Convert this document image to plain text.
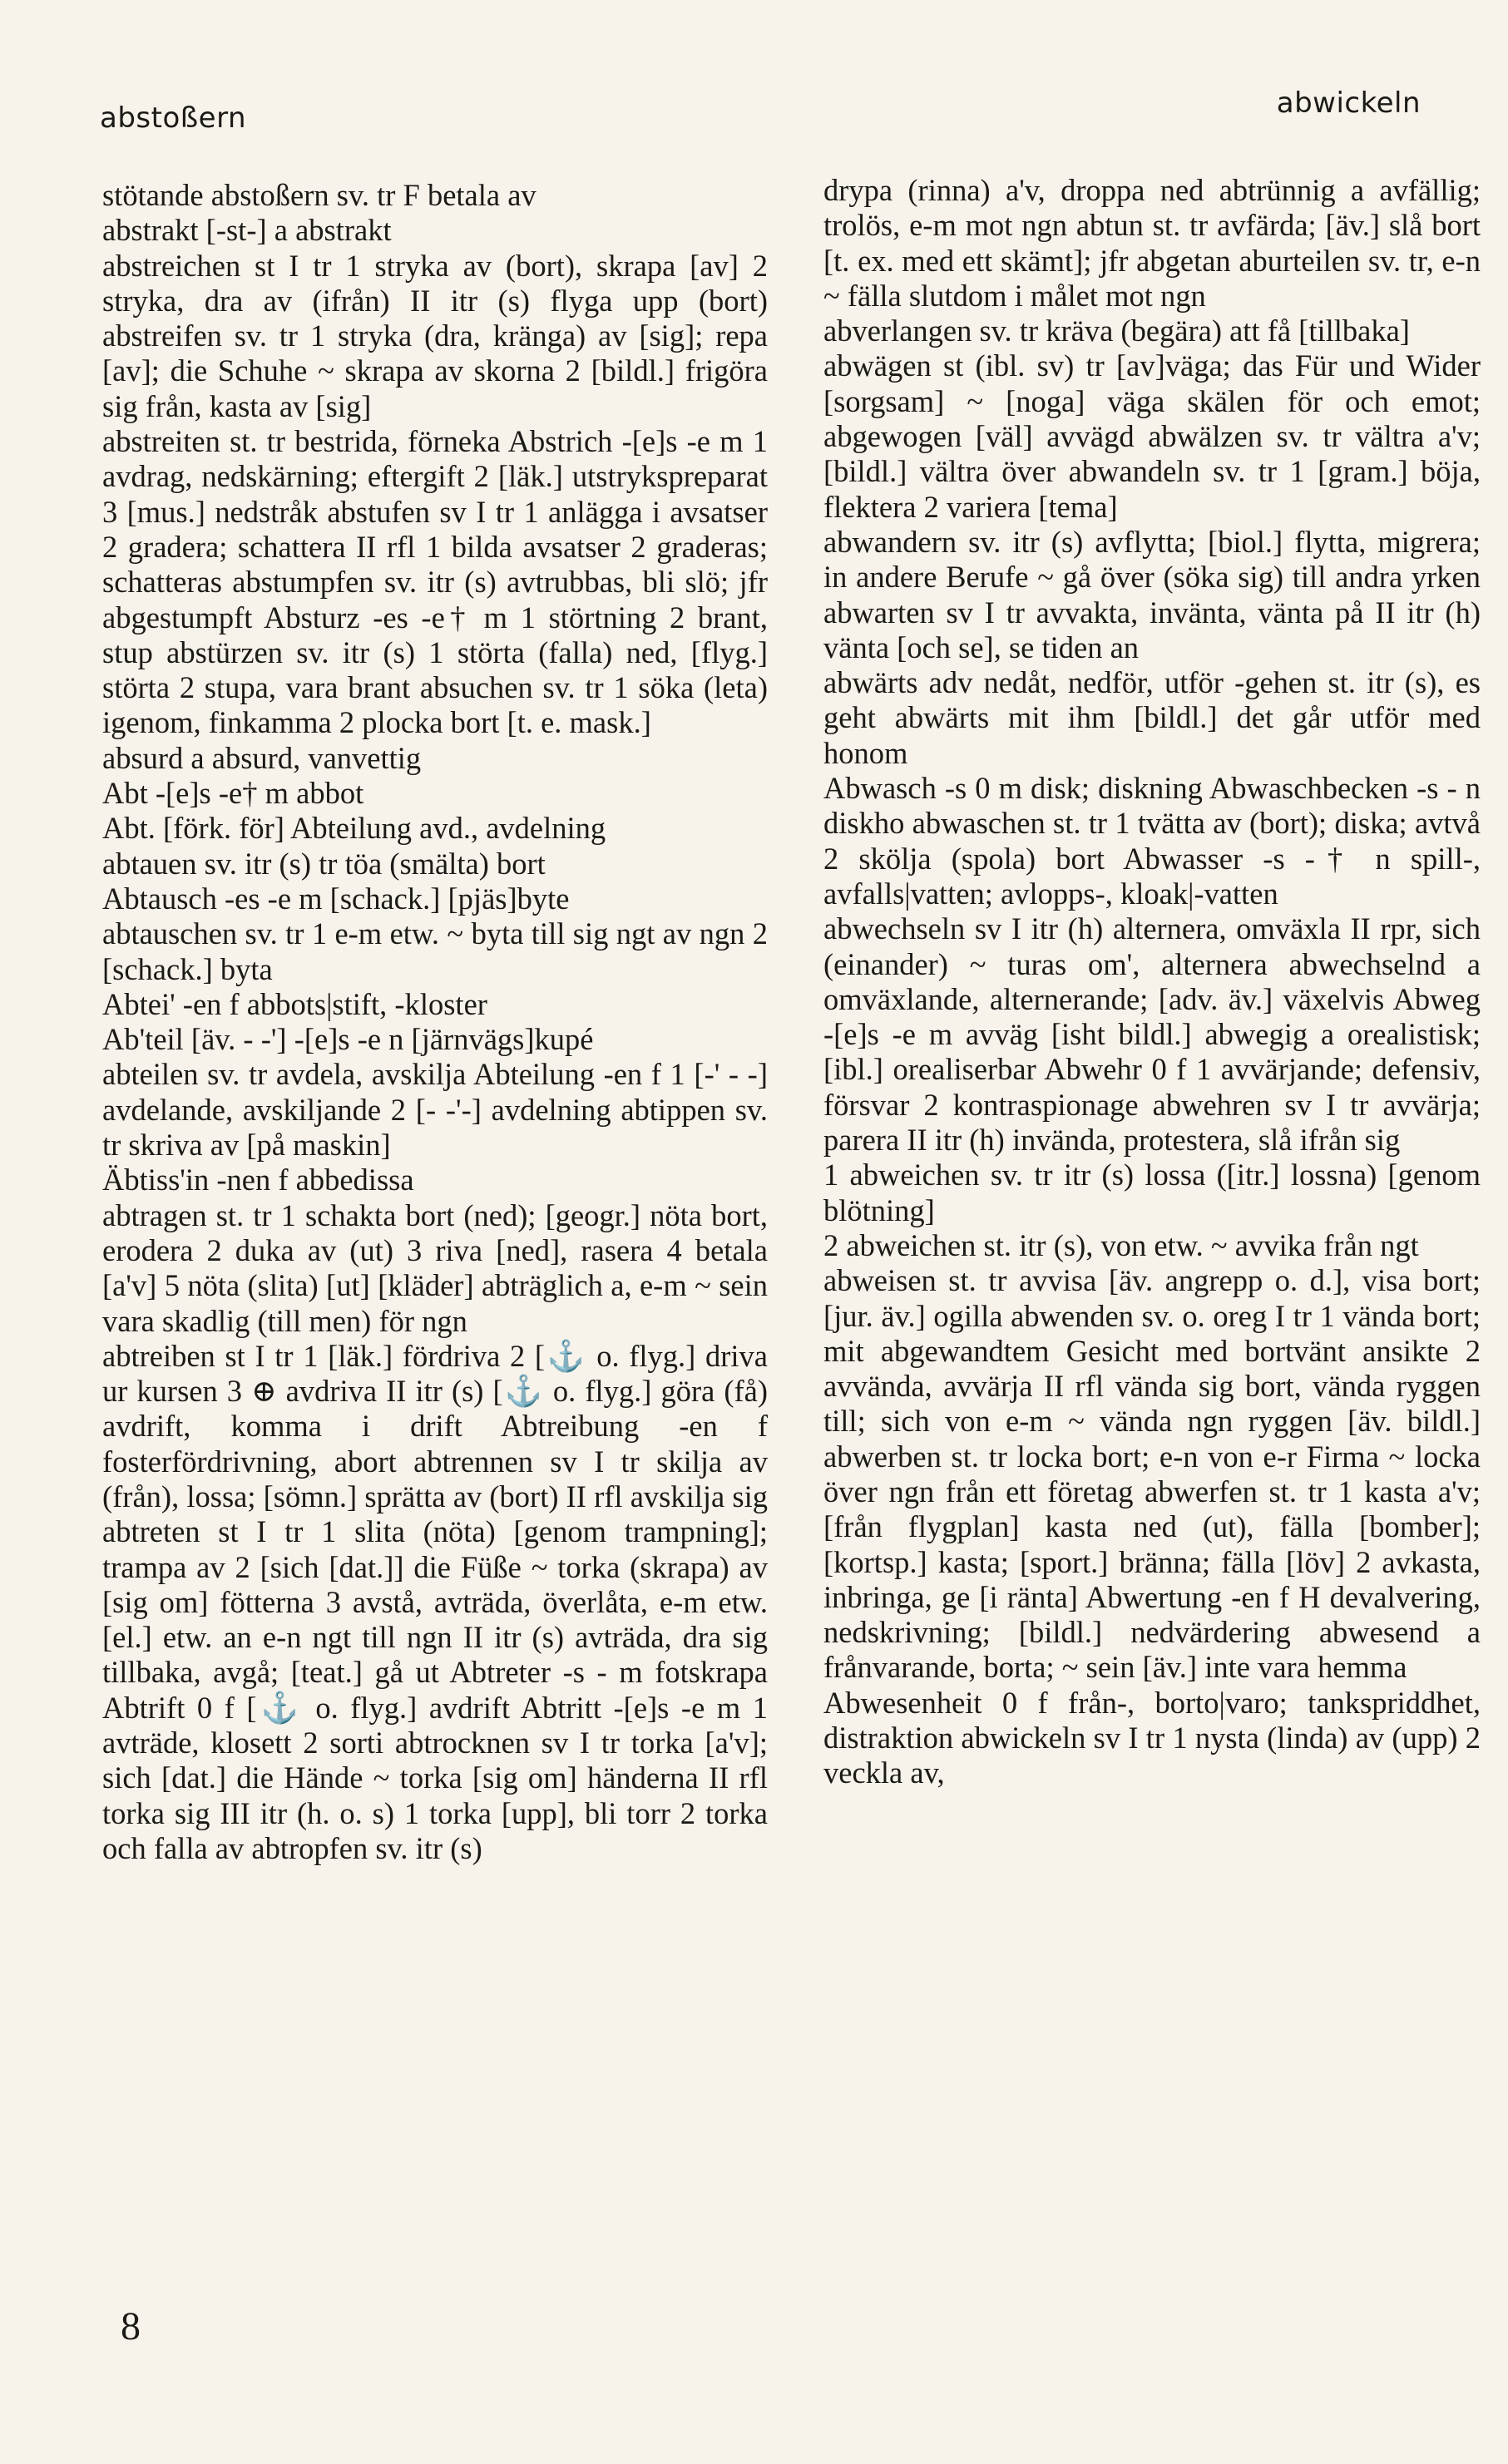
abstoßern	abwickeln

stötande abstoßern sv. tr F betala av

abstrakt [-st-] a abstrakt

abstreichen st I tr 1 stryka av (bort), skrapa [av] 2 stryka, dra av (ifrån) II itr (s) flyga upp (bort) abstreifen sv. tr 1 stryka (dra, kränga) av [sig]; repa [av]; die Schuhe ~ skrapa av skorna 2 [bildl.] frigöra sig från, kasta av [sig]

abstreiten st. tr bestrida, förneka Abstrich -[e]s -e m 1 avdrag, nedskärning; eftergift 2 [läk.] utstrykspreparat 3 [mus.] nedstråk abstufen sv I tr 1 anlägga i avsatser 2 gradera; schattera II rfl 1 bilda avsatser 2 graderas; schatteras abstumpfen sv. itr (s) avtrubbas, bli slö; jfr abgestumpft Absturz -es -e† m 1 störtning 2 brant, stup abstürzen sv. itr (s) 1 störta (falla) ned, [flyg.] störta 2 stupa, vara brant absuchen sv. tr 1 söka (leta) igenom, finkamma 2 plocka bort [t. e. mask.]

absurd a absurd, vanvettig

Abt -[e]s -e† m abbot

Abt. [förk. för] Abteilung avd., avdelning

abtauen sv. itr (s) tr töa (smälta) bort

Abtausch -es -e m [schack.] [pjäs]byte

abtauschen sv. tr 1 e-m etw. ~ byta till sig ngt av ngn 2 [schack.] byta

Abtei' -en f abbots|stift, -kloster

Ab'teil [äv. - -'] -[e]s -e n [järnvägs]kupé

abteilen sv. tr avdela, avskilja Abteilung -en f 1 [-' - -] avdelande, avskiljande 2 [- -'-] avdelning abtippen sv. tr skriva av [på maskin]

Äbtiss'in -nen f abbedissa

abtragen st. tr 1 schakta bort (ned); [geogr.] nöta bort, erodera 2 duka av (ut) 3 riva [ned], rasera 4 betala [a'v] 5 nöta (slita) [ut] [kläder] abträglich a, e-m ~ sein vara skadlig (till men) för ngn

abtreiben st I tr 1 [läk.] fördriva 2 [⚓ o. flyg.] driva ur kursen 3 ⊕ avdriva II itr (s) [⚓ o. flyg.] göra (få) avdrift, komma i drift Abtreibung -en f fosterfördrivning, abort abtrennen sv I tr skilja av (från), lossa; [sömn.] sprätta av (bort) II rfl avskilja sig abtreten st I tr 1 slita (nöta) [genom trampning]; trampa av 2 [sich [dat.]] die Füße ~ torka (skrapa) av [sig om] fötterna 3 avstå, avträda, överlåta, e-m etw. [el.] etw. an e-n ngt till ngn II itr (s) avträda, dra sig tillbaka, avgå; [teat.] gå ut Abtreter -s - m fotskrapa Abtrift 0 f [⚓ o. flyg.] avdrift Abtritt -[e]s -e m 1 avträde, klosett 2 sorti abtrocknen sv I tr torka [a'v]; sich [dat.] die Hände ~ torka [sig om] händerna II rfl torka sig III itr (h. o. s) 1 torka [upp], bli torr 2 torka och falla av abtropfen sv. itr (s)

drypa (rinna) a'v, droppa ned abtrünnig a avfällig; trolös, e-m mot ngn abtun st. tr avfärda; [äv.] slå bort [t. ex. med ett skämt]; jfr abgetan aburteilen sv. tr, e-n ~ fälla slutdom i målet mot ngn

abverlangen sv. tr kräva (begära) att få [tillbaka]

abwägen st (ibl. sv) tr [av]väga; das Für und Wider [sorgsam] ~ [noga] väga skälen för och emot; abgewogen [väl] avvägd abwälzen sv. tr vältra a'v; [bildl.] vältra över abwandeln sv. tr 1 [gram.] böja, flektera 2 variera [tema]

abwandern sv. itr (s) avflytta; [biol.] flytta, migrera; in andere Berufe ~ gå över (söka sig) till andra yrken abwarten sv I tr avvakta, invänta, vänta på II itr (h) vänta [och se], se tiden an

abwärts adv nedåt, nedför, utför -gehen st. itr (s), es geht abwärts mit ihm [bildl.] det går utför med honom

Abwasch -s 0 m disk; diskning Abwaschbecken -s - n diskho abwaschen st. tr 1 tvätta av (bort); diska; avtvå 2 skölja (spola) bort Abwasser -s -† n spill-, avfalls|vatten; avlopps-, kloak|-vatten

abwechseln sv I itr (h) alternera, omväxla II rpr, sich (einander) ~ turas om', alternera abwechselnd a omväxlande, alternerande; [adv. äv.] växelvis Abweg -[e]s -e m avväg [isht bildl.] abwegig a orealistisk; [ibl.] orealiserbar Abwehr 0 f 1 avvärjande; defensiv, försvar 2 kontraspionage abwehren sv I tr avvärja; parera II itr (h) invända, protestera, slå ifrån sig

1 abweichen sv. tr itr (s) lossa ([itr.] lossna) [genom blötning]

2 abweichen st. itr (s), von etw. ~ avvika från ngt

abweisen st. tr avvisa [äv. angrepp o. d.], visa bort; [jur. äv.] ogilla abwenden sv. o. oreg I tr 1 vända bort; mit abgewandtem Gesicht med bortvänt ansikte 2 avvända, avvärja II rfl vända sig bort, vända ryggen till; sich von e-m ~ vända ngn ryggen [äv. bildl.] abwerben st. tr locka bort; e-n von e-r Firma ~ locka över ngn från ett företag abwerfen st. tr 1 kasta a'v; [från flygplan] kasta ned (ut), fälla [bomber]; [kortsp.] kasta; [sport.] bränna; fälla [löv] 2 avkasta, inbringa, ge [i ränta] Abwertung -en f H devalvering, nedskrivning; [bildl.] nedvärdering abwesend a frånvarande, borta; ~ sein [äv.] inte vara hemma

Abwesenheit 0 f från-, borto|varo; tankspriddhet, distraktion abwickeln sv I tr 1 nysta (linda) av (upp) 2 veckla av,

8
